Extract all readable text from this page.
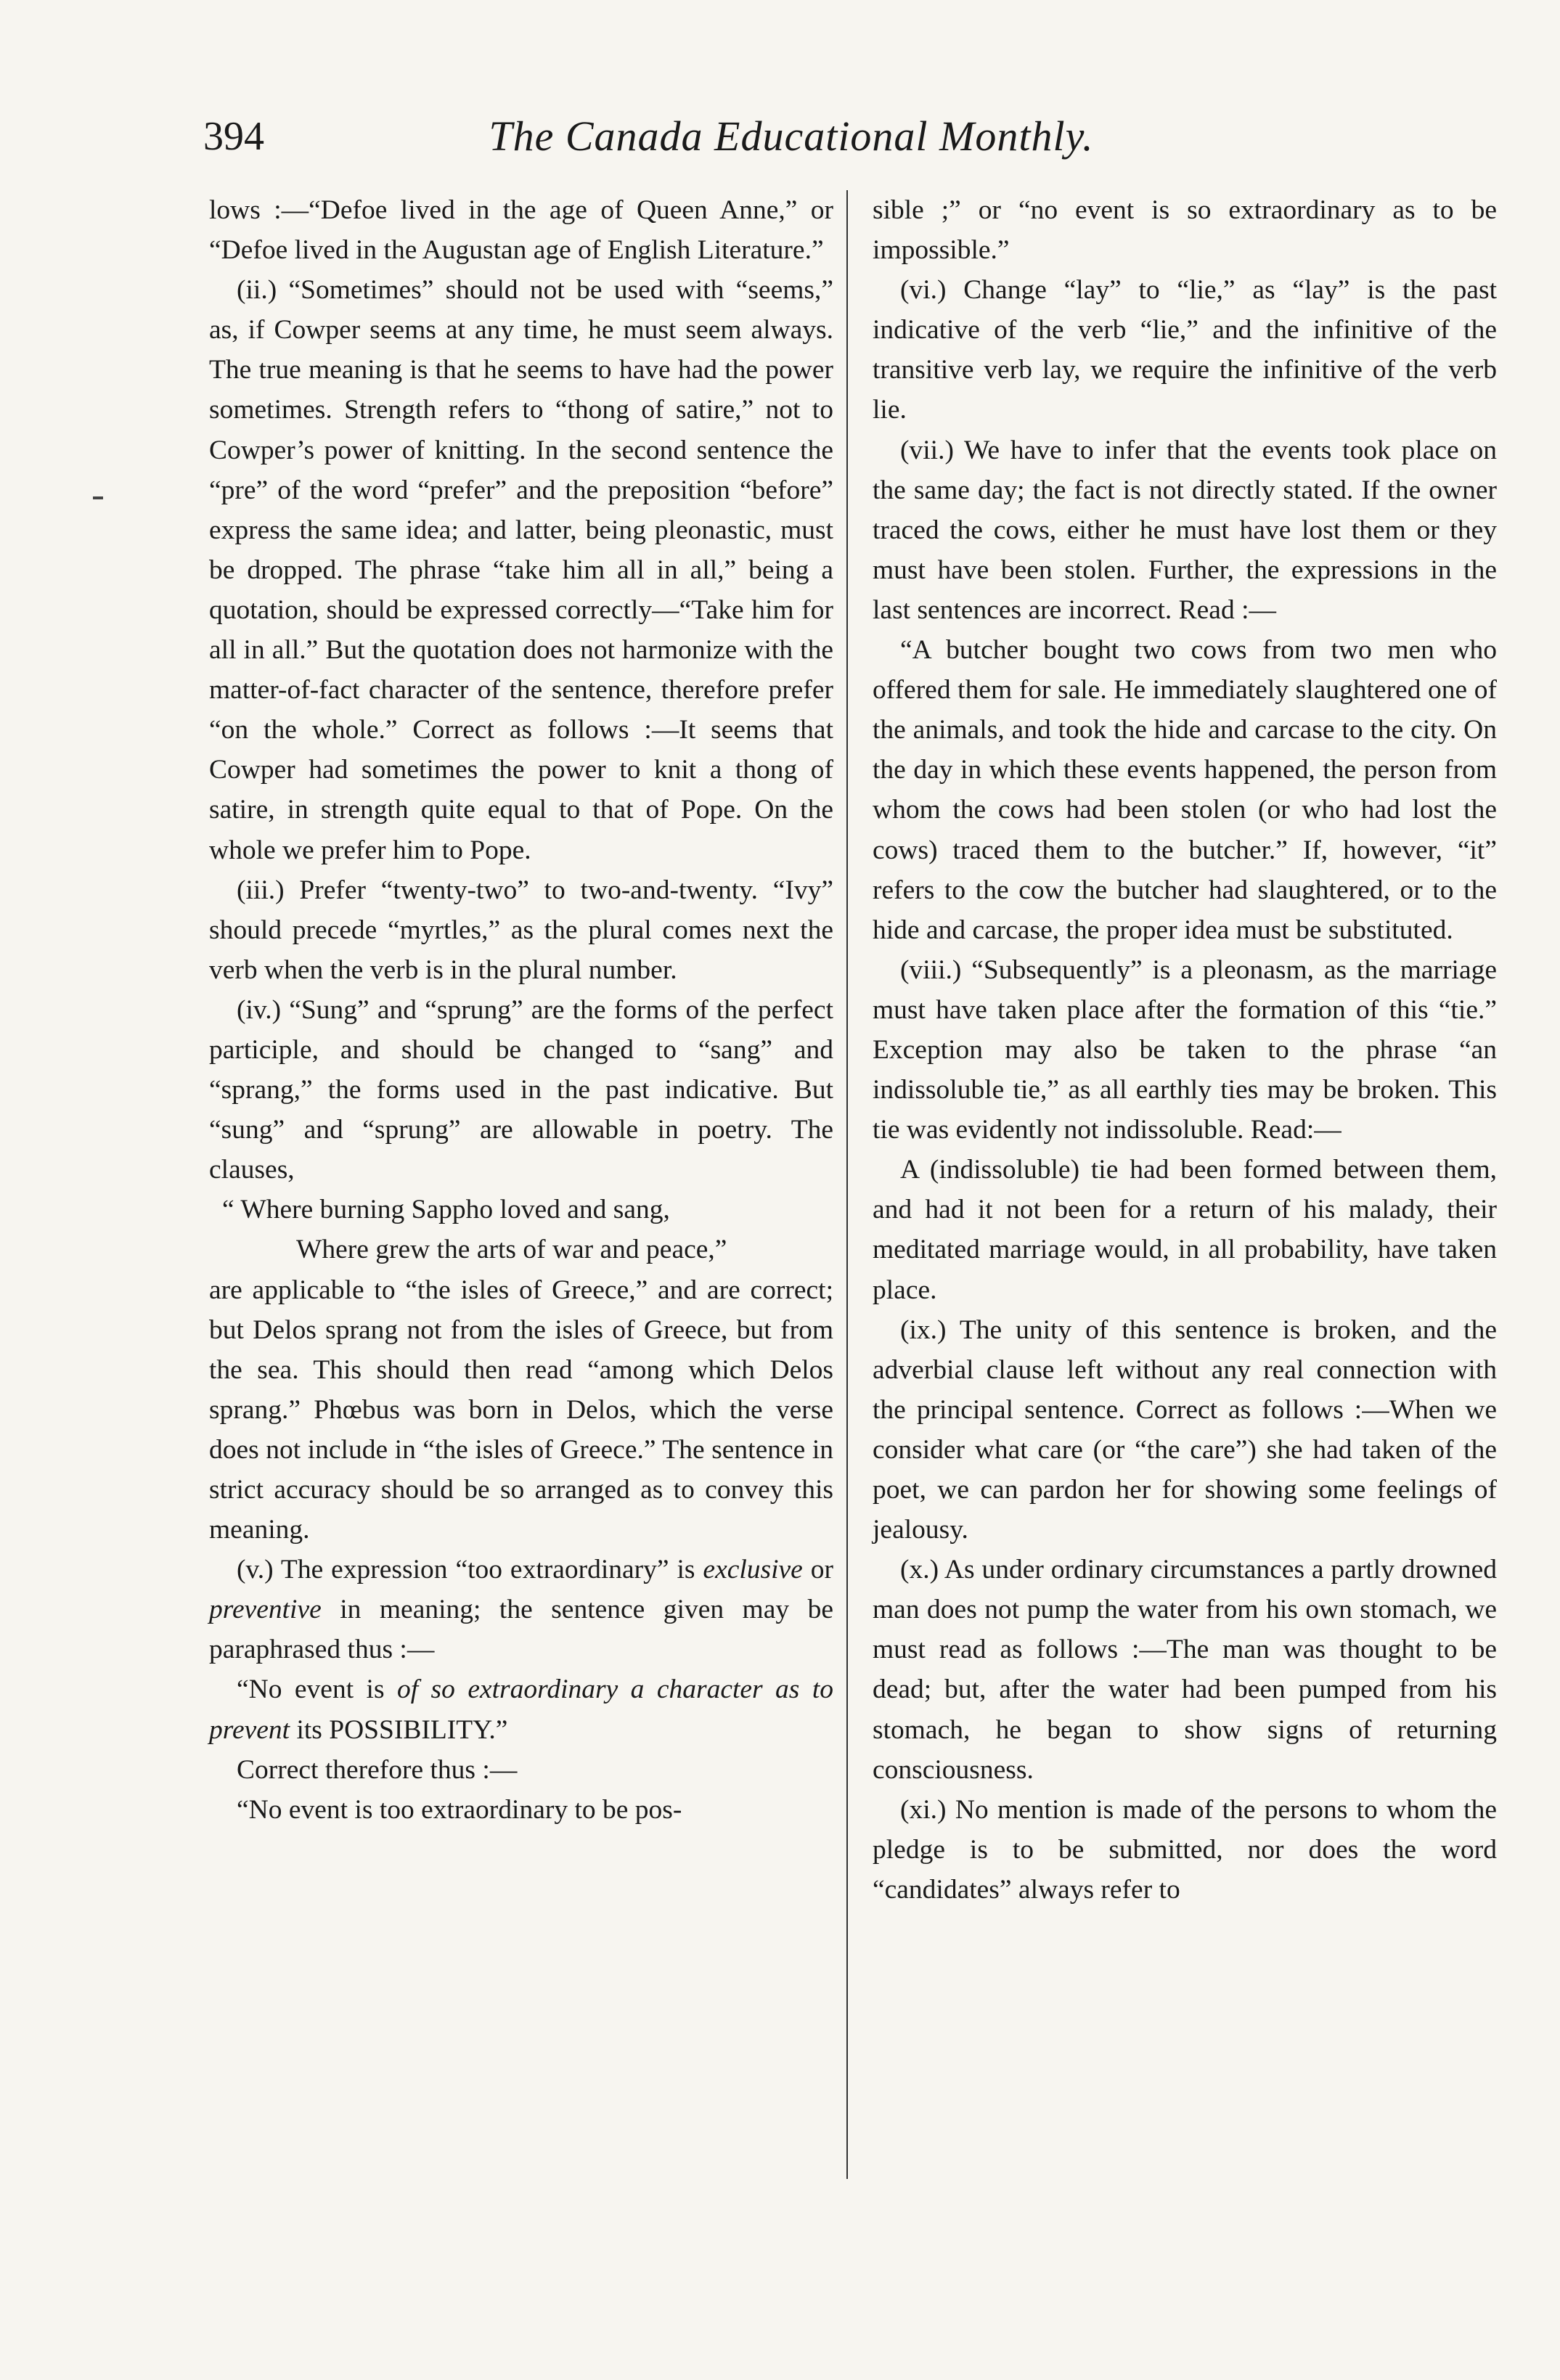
394	The Canada Educational Monthly.

lows :—“Defoe lived in the age of Queen Anne,” or “Defoe lived in the Augustan age of English Literature.”

(ii.) “Sometimes” should not be used with “seems,” as, if Cowper seems at any time, he must seem always. The true meaning is that he seems to have had the power sometimes. Strength refers to “thong of satire,” not to Cowper’s power of knitting. In the second sentence the “pre” of the word “prefer” and the preposition “before” express the same idea; and latter, being pleonastic, must be dropped. The phrase “take him all in all,” being a quotation, should be expressed correctly—“Take him for all in all.” But the quotation does not harmonize with the matter-of-fact character of the sentence, therefore prefer “on the whole.” Correct as follows :—It seems that Cowper had sometimes the power to knit a thong of satire, in strength quite equal to that of Pope. On the whole we prefer him to Pope.

(iii.) Prefer “twenty-two” to two-and-twenty. “Ivy” should precede “myrtles,” as the plural comes next the verb when the verb is in the plural number.

(iv.) “Sung” and “sprung” are the forms of the perfect participle, and should be changed to “sang” and “sprang,” the forms used in the past indicative. But “sung” and “sprung” are allowable in poetry. The clauses,

“ Where burning Sappho loved and sang,

Where grew the arts of war and peace,”

are applicable to “the isles of Greece,” and are correct; but Delos sprang not from the isles of Greece, but from the sea. This should then read “among which Delos sprang.” Phœbus was born in Delos, which the verse does not include in “the isles of Greece.” The sentence in strict accuracy should be so arranged as to convey this meaning.

(v.) The expression “too extraordinary” is exclusive or preventive in meaning; the sentence given may be paraphrased thus :—

“No event is of so extraordinary a character as to prevent its POSSIBILITY.”

Correct therefore thus :—

“No event is too extraordinary to be pos-

sible ;” or “no event is so extraordinary as to be impossible.”

(vi.) Change “lay” to “lie,” as “lay” is the past indicative of the verb “lie,” and the infinitive of the transitive verb lay, we require the infinitive of the verb lie.

(vii.) We have to infer that the events took place on the same day; the fact is not directly stated. If the owner traced the cows, either he must have lost them or they must have been stolen. Further, the expressions in the last sentences are incorrect. Read :—

“A butcher bought two cows from two men who offered them for sale. He immediately slaughtered one of the animals, and took the hide and carcase to the city. On the day in which these events happened, the person from whom the cows had been stolen (or who had lost the cows) traced them to the butcher.” If, however, “it” refers to the cow the butcher had slaughtered, or to the hide and carcase, the proper idea must be substituted.

(viii.) “Subsequently” is a pleonasm, as the marriage must have taken place after the formation of this “tie.” Exception may also be taken to the phrase “an indissoluble tie,” as all earthly ties may be broken. This tie was evidently not indissoluble. Read:—

A (indissoluble) tie had been formed between them, and had it not been for a return of his malady, their meditated marriage would, in all probability, have taken place.

(ix.) The unity of this sentence is broken, and the adverbial clause left without any real connection with the principal sentence. Correct as follows :—When we consider what care (or “the care”) she had taken of the poet, we can pardon her for showing some feelings of jealousy.

(x.) As under ordinary circumstances a partly drowned man does not pump the water from his own stomach, we must read as follows :—The man was thought to be dead; but, after the water had been pumped from his stomach, he began to show signs of returning consciousness.

(xi.) No mention is made of the persons to whom the pledge is to be submitted, nor does the word “candidates” always refer to
